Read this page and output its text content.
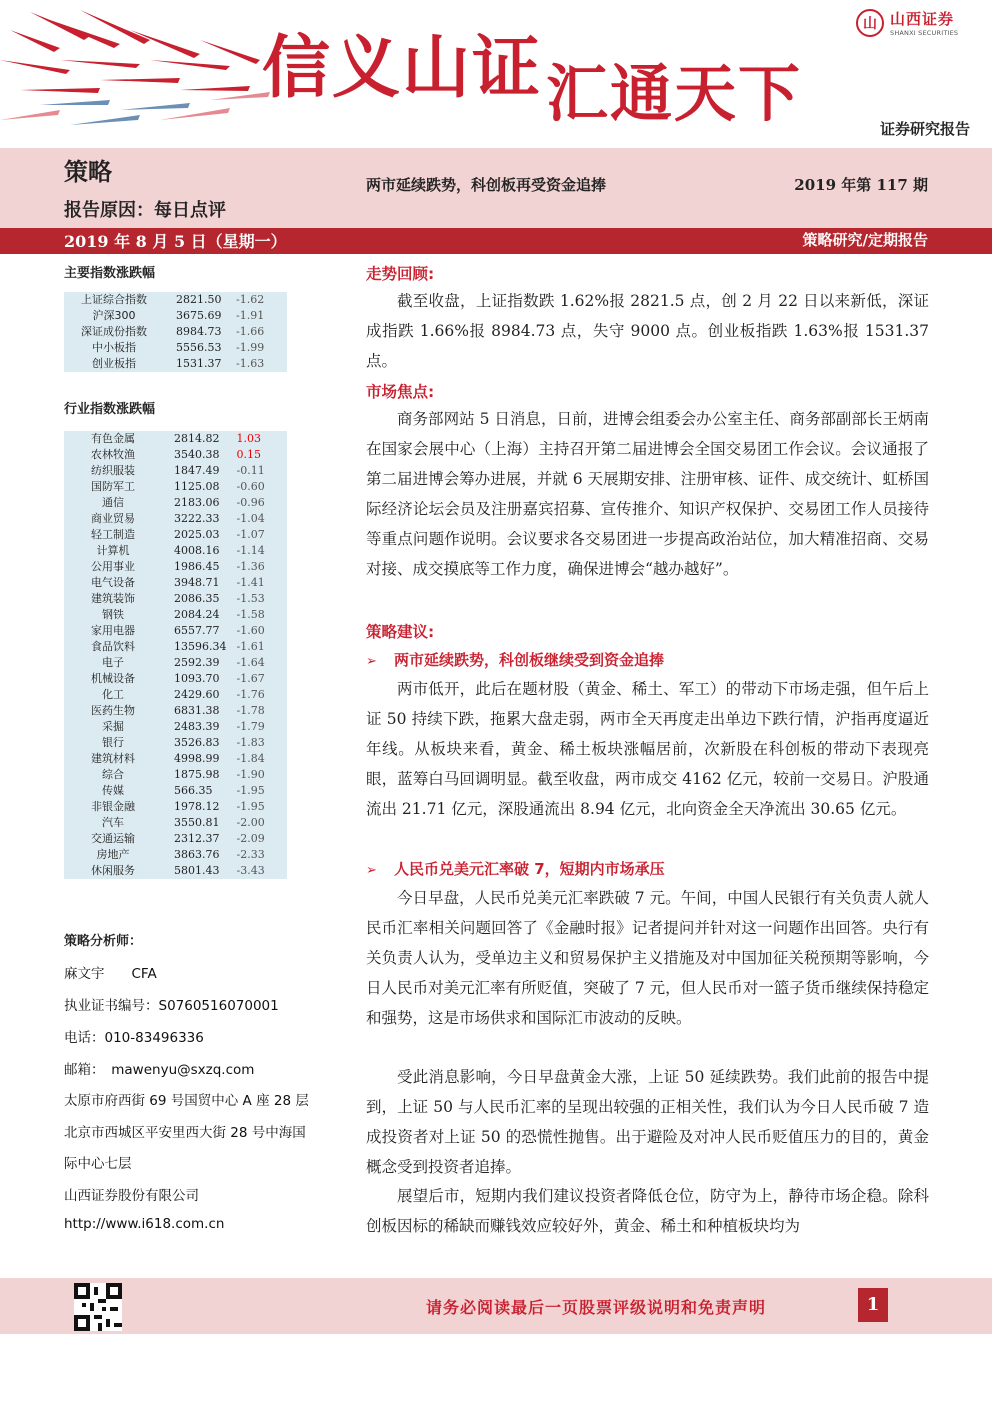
信义山证汇通天下
山 山西证券
SHANXI SECURITIES
证券研究报告
策略
报告原因：每日点评
两市延续跌势，科创板再受资金追捧	2019 年第 117 期
2019 年 8 月 5 日（星期一）	策略研究/定期报告
主要指数涨跌幅
上证综合指数	2821.50	-1.62
沪深300	3675.69	-1.91
深证成份指数	8984.73	-1.66
中小板指	5556.53	-1.99
创业板指	1531.37	-1.63
行业指数涨跌幅
有色金属	2814.82	1.03
农林牧渔	3540.38	0.15
纺织服装	1847.49	-0.11
国防军工	1125.08	-0.60
通信	2183.06	-0.96
商业贸易	3222.33	-1.04
轻工制造	2025.03	-1.07
计算机	4008.16	-1.14
公用事业	1986.45	-1.36
电气设备	3948.71	-1.41
建筑装饰	2086.35	-1.53
钢铁	2084.24	-1.58
家用电器	6557.77	-1.60
食品饮料	13596.34	-1.61
电子	2592.39	-1.64
机械设备	1093.70	-1.67
化工	2429.60	-1.76
医药生物	6831.38	-1.78
采掘	2483.39	-1.79
银行	3526.83	-1.83
建筑材料	4998.99	-1.84
综合	1875.98	-1.90
传媒	566.35	-1.95
非银金融	1978.12	-1.95
汽车	3550.81	-2.00
交通运输	2312.37	-2.09
房地产	3863.76	-2.33
休闲服务	5801.43	-3.43
策略分析师：
麻文宇　　CFA
执业证书编号：S0760516070001
电话：010-83496336
邮箱：　mawenyu@sxzq.com
太原市府西街 69 号国贸中心 A 座 28 层
北京市西城区平安里西大街 28 号中海国
际中心七层
山西证券股份有限公司
http://www.i618.com.cn
走势回顾:
截至收盘，上证指数跌 1.62%报 2821.5 点，创 2 月 22 日以来新低，深证成指跌 1.66%报 8984.73 点，失守 9000 点。创业板指跌 1.63%报 1531.37 点。
市场焦点:
商务部网站 5 日消息，日前，进博会组委会办公室主任、商务部副部长王炳南在国家会展中心（上海）主持召开第二届进博会全国交易团工作会议。会议通报了第二届进博会筹办进展，并就 6 天展期安排、注册审核、证件、成交统计、虹桥国际经济论坛会员及注册嘉宾招募、宣传推介、知识产权保护、交易团工作人员接待等重点问题作说明。会议要求各交易团进一步提高政治站位，加大精准招商、交易对接、成交摸底等工作力度，确保进博会“越办越好”。
策略建议:
➢ 两市延续跌势，科创板继续受到资金追捧
两市低开，此后在题材股（黄金、稀土、军工）的带动下市场走强，但午后上证 50 持续下跌，拖累大盘走弱，两市全天再度走出单边下跌行情，沪指再度逼近年线。从板块来看，黄金、稀土板块涨幅居前，次新股在科创板的带动下表现亮眼，蓝筹白马回调明显。截至收盘，两市成交 4162 亿元，较前一交易日。沪股通流出 21.71 亿元，深股通流出 8.94 亿元，北向资金全天净流出 30.65 亿元。
➢ 人民币兑美元汇率破 7，短期内市场承压
今日早盘，人民币兑美元汇率跌破 7 元。午间，中国人民银行有关负责人就人民币汇率相关问题回答了《金融时报》记者提问并针对这一问题作出回答。央行有关负责人认为，受单边主义和贸易保护主义措施及对中国加征关税预期等影响，今日人民币对美元汇率有所贬值，突破了 7 元，但人民币对一篮子货币继续保持稳定和强势，这是市场供求和国际汇市波动的反映。
受此消息影响，今日早盘黄金大涨，上证 50 延续跌势。我们此前的报告中提到，上证 50 与人民币汇率的呈现出较强的正相关性，我们认为今日人民币破 7 造成投资者对上证 50 的恐慌性抛售。出于避险及对冲人民币贬值压力的目的，黄金概念受到投资者追捧。
展望后市，短期内我们建议投资者降低仓位，防守为上，静待市场企稳。除科创板因标的稀缺而赚钱效应较好外，黄金、稀土和种植板块均为
请务必阅读最后一页股票评级说明和免责声明	1
